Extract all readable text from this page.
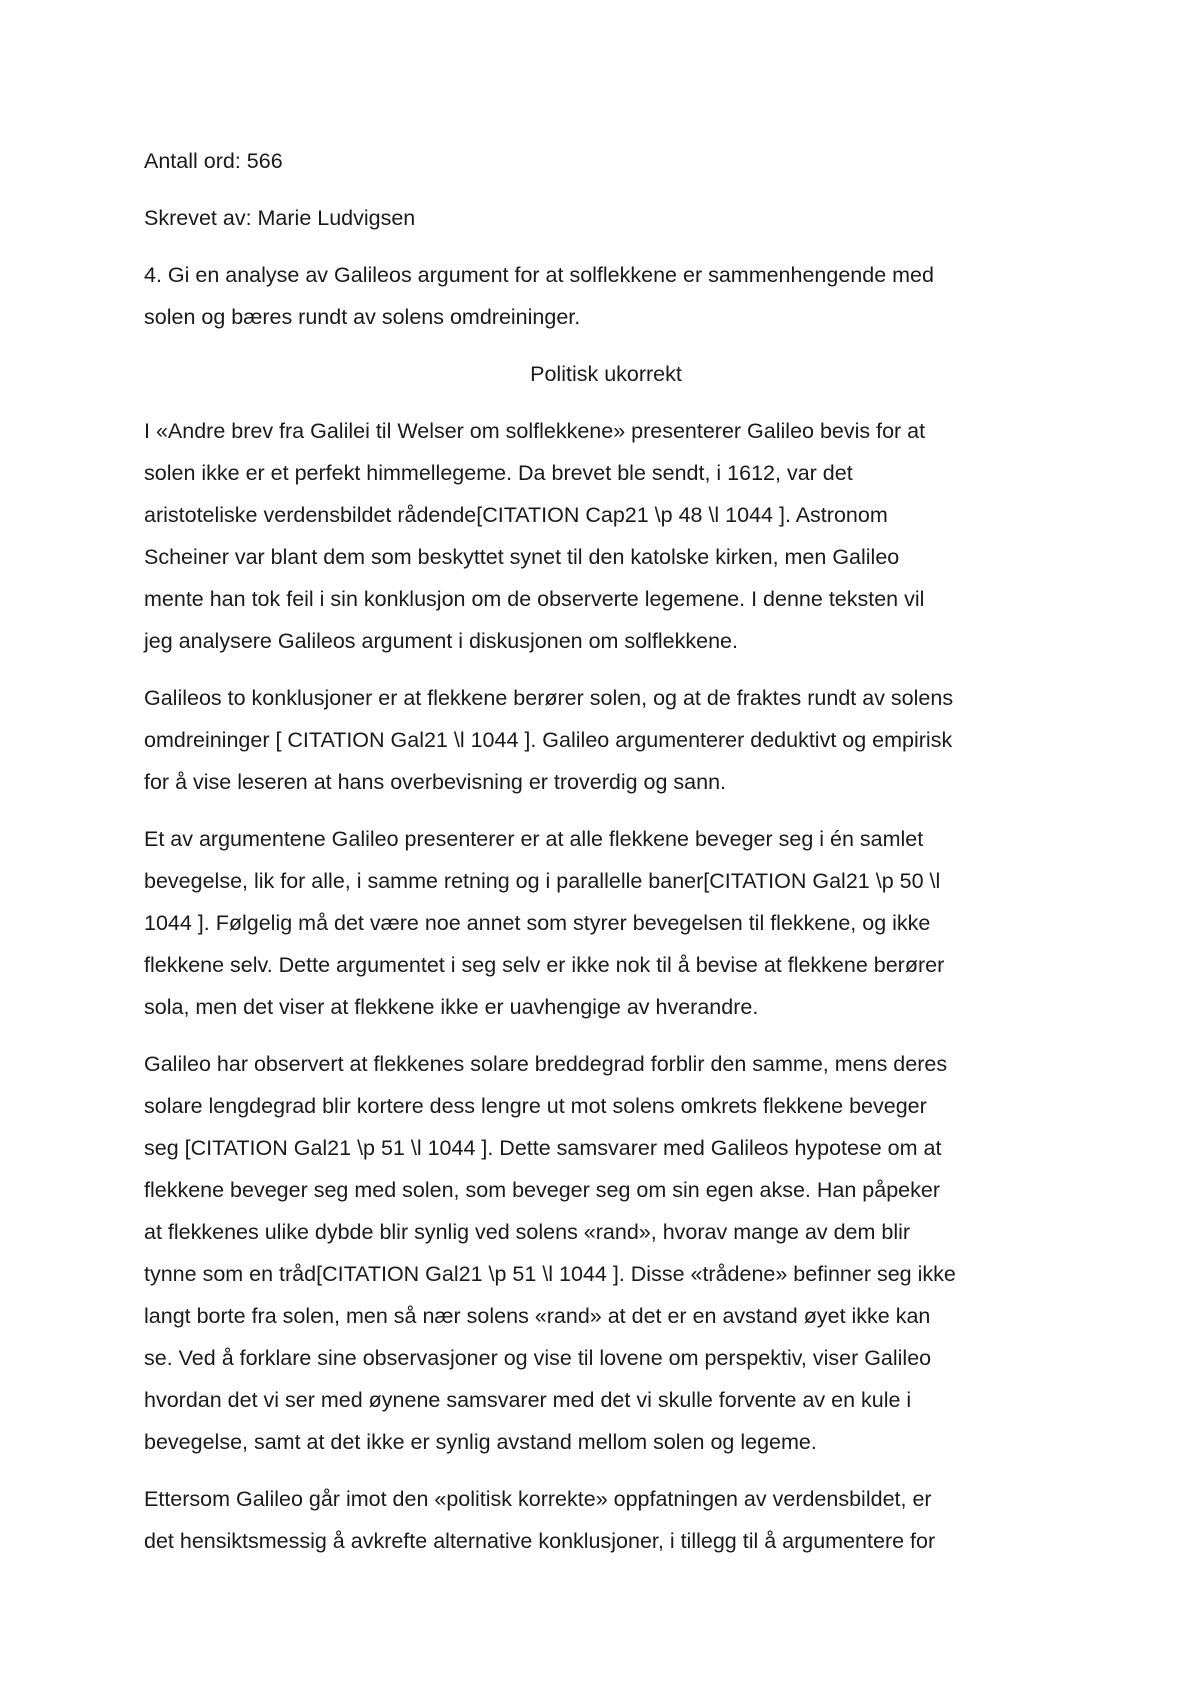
Antall ord: 566

Skrevet av: Marie Ludvigsen

4. Gi en analyse av Galileos argument for at solflekkene er sammenhengende med
solen og bæres rundt av solens omdreininger.

Politisk ukorrekt

I «Andre brev fra Galilei til Welser om solflekkene» presenterer Galileo bevis for at
solen ikke er et perfekt himmellegeme. Da brevet ble sendt, i 1612, var det
aristoteliske verdensbildet rådende[CITATION Cap21 \p 48 \l 1044 ]. Astronom
Scheiner var blant dem som beskyttet synet til den katolske kirken, men Galileo
mente han tok feil i sin konklusjon om de observerte legemene. I denne teksten vil
jeg analysere Galileos argument i diskusjonen om solflekkene.

Galileos to konklusjoner er at flekkene berører solen, og at de fraktes rundt av solens
omdreininger [ CITATION Gal21 \l 1044 ]. Galileo argumenterer deduktivt og empirisk
for å vise leseren at hans overbevisning er troverdig og sann.

Et av argumentene Galileo presenterer er at alle flekkene beveger seg i én samlet
bevegelse, lik for alle, i samme retning og i parallelle baner[CITATION Gal21 \p 50 \l
1044 ]. Følgelig må det være noe annet som styrer bevegelsen til flekkene, og ikke
flekkene selv. Dette argumentet i seg selv er ikke nok til å bevise at flekkene berører
sola, men det viser at flekkene ikke er uavhengige av hverandre.

Galileo har observert at flekkenes solare breddegrad forblir den samme, mens deres
solare lengdegrad blir kortere dess lengre ut mot solens omkrets flekkene beveger
seg [CITATION Gal21 \p 51 \l 1044 ]. Dette samsvarer med Galileos hypotese om at
flekkene beveger seg med solen, som beveger seg om sin egen akse. Han påpeker
at flekkenes ulike dybde blir synlig ved solens «rand», hvorav mange av dem blir
tynne som en tråd[CITATION Gal21 \p 51 \l 1044 ]. Disse «trådene» befinner seg ikke
langt borte fra solen, men så nær solens «rand» at det er en avstand øyet ikke kan
se. Ved å forklare sine observasjoner og vise til lovene om perspektiv, viser Galileo
hvordan det vi ser med øynene samsvarer med det vi skulle forvente av en kule i
bevegelse, samt at det ikke er synlig avstand mellom solen og legeme.

Ettersom Galileo går imot den «politisk korrekte» oppfatningen av verdensbildet, er
det hensiktsmessig å avkrefte alternative konklusjoner, i tillegg til å argumentere for
